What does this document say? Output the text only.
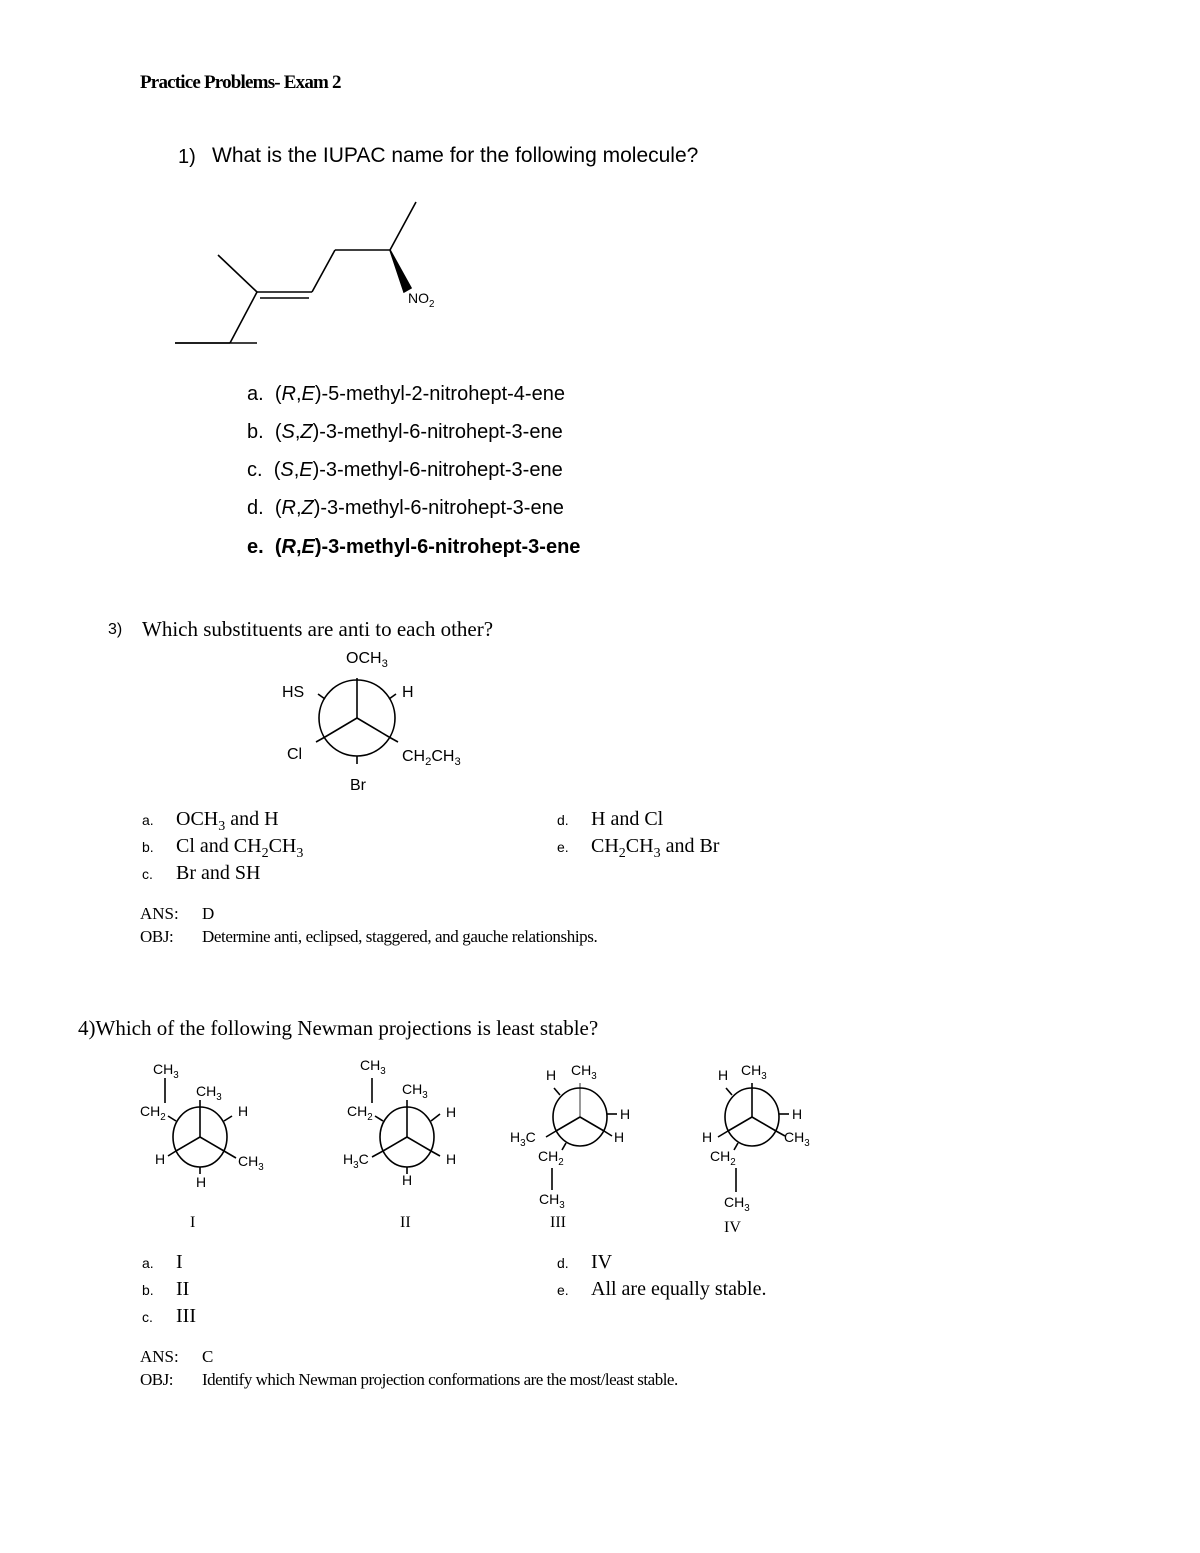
Practice Problems- Exam 2
1) What is the IUPAC name for the following molecule?
$NO_2$
a. (R,E)-5-methyl-2-nitrohept-4-ene
b. (S,Z)-3-methyl-6-nitrohept-3-ene
c. (S,E)-3-methyl-6-nitrohept-3-ene
d. (R,Z)-3-methyl-6-nitrohept-3-ene
e. (R,E)-3-methyl-6-nitrohept-3-ene
3) Which substituents are anti to each other?
$OCH_3$
HS	H
Cl	$CH_2CH_3$
Br
a. $OCH_3$ and H
b. Cl and $CH_2CH_3$
c. Br and SH
d. H and Cl
e. $CH_2CH_3$ and Br
ANS: D
OBJ: Determine anti, eclipsed, staggered, and gauche relationships.
4)Which of the following Newman projections is least stable?
$CH_3$
$CH_2$
$CH_3$
H
H	$CH_3$
H
I
$CH_3$
$CH_2$
$CH_3$
H
$H_3C$	H
H
II
H $CH_3$
H
H
$H_3C$
$CH_2$
$CH_3$
III
H $CH_3$
H
H	$CH_3$
$CH_2$
$CH_3$
IV
a. I
b. II
c. III
d. IV
e. All are equally stable.
ANS: C
OBJ: Identify which Newman projection conformations are the most/least stable.
